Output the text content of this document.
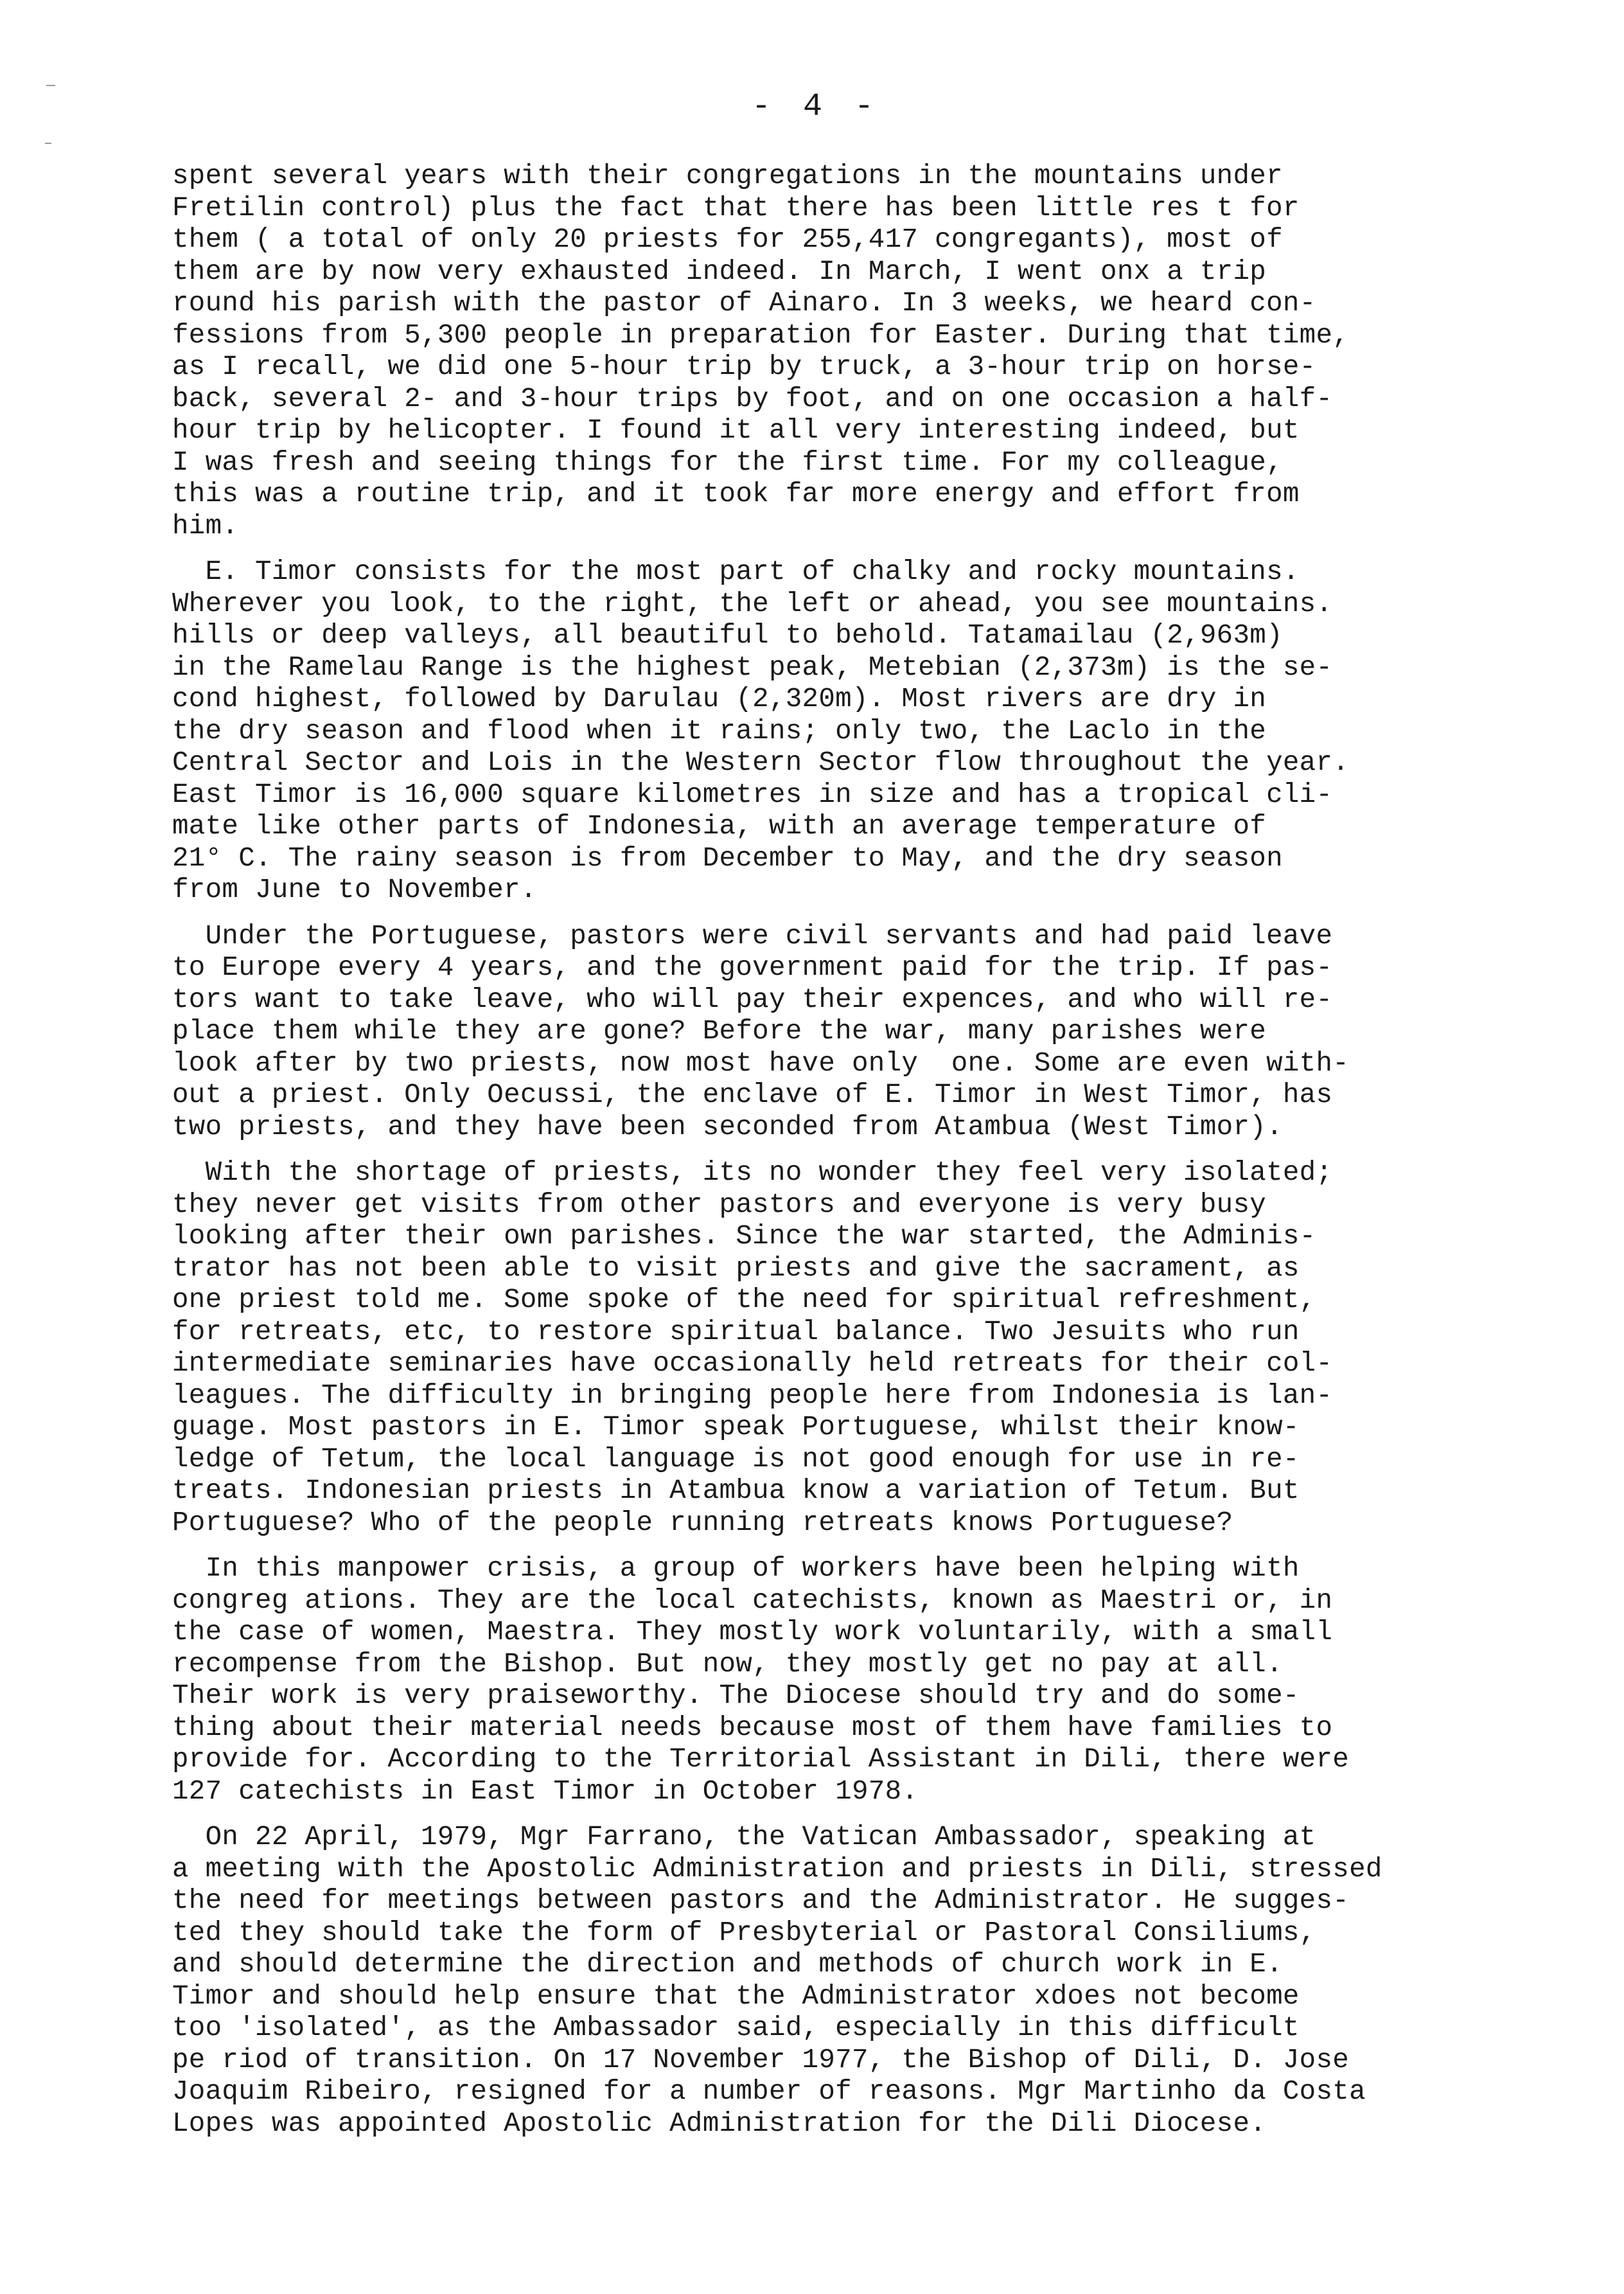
- 4 -
spent several years with their congregations in the mountains under
Fretilin control) plus the fact that there has been little res t for
them ( a total of only 20 priests for 255,417 congregants), most of
them are by now very exhausted indeed. In March, I went onx a trip
round his parish with the pastor of Ainaro. In 3 weeks, we heard con-
fessions from 5,300 people in preparation for Easter. During that time,
as I recall, we did one 5-hour trip by truck, a 3-hour trip on horse-
back, several 2- and 3-hour trips by foot, and on one occasion a half-
hour trip by helicopter. I found it all very interesting indeed, but
I was fresh and seeing things for the first time. For my colleague,
this was a routine trip, and it took far more energy and effort from
him.
E. Timor consists for the most part of chalky and rocky mountains.
Wherever you look, to the right, the left or ahead, you see mountains.
hills or deep valleys, all beautiful to behold. Tatamailau (2,963m)
in the Ramelau Range is the highest peak, Metebian (2,373m) is the se-
cond highest, followed by Darulau (2,320m). Most rivers are dry in
the dry season and flood when it rains; only two, the Laclo in the
Central Sector and Lois in the Western Sector flow throughout the year.
East Timor is 16,000 square kilometres in size and has a tropical cli-
mate like other parts of Indonesia, with an average temperature of
21° C. The rainy season is from December to May, and the dry season
from June to November.
Under the Portuguese, pastors were civil servants and had paid leave
to Europe every 4 years, and the government paid for the trip. If pas-
tors want to take leave, who will pay their expences, and who will re-
place them while they are gone? Before the war, many parishes were
look after by two priests, now most have only  one. Some are even with-
out a priest. Only Oecussi, the enclave of E. Timor in West Timor, has
two priests, and they have been seconded from Atambua (West Timor).
With the shortage of priests, its no wonder they feel very isolated;
they never get visits from other pastors and everyone is very busy
looking after their own parishes. Since the war started, the Adminis-
trator has not been able to visit priests and give the sacrament, as
one priest told me. Some spoke of the need for spiritual refreshment,
for retreats, etc, to restore spiritual balance. Two Jesuits who run
intermediate seminaries have occasionally held retreats for their col-
leagues. The difficulty in bringing people here from Indonesia is lan-
guage. Most pastors in E. Timor speak Portuguese, whilst their know-
ledge of Tetum, the local language is not good enough for use in re-
treats. Indonesian priests in Atambua know a variation of Tetum. But
Portuguese? Who of the people running retreats knows Portuguese?
In this manpower crisis, a group of workers have been helping with
congreg ations. They are the local catechists, known as Maestri or, in
the case of women, Maestra. They mostly work voluntarily, with a small
recompense from the Bishop. But now, they mostly get no pay at all.
Their work is very praiseworthy. The Diocese should try and do some-
thing about their material needs because most of them have families to
provide for. According to the Territorial Assistant in Dili, there were
127 catechists in East Timor in October 1978.
On 22 April, 1979, Mgr Farrano, the Vatican Ambassador, speaking at
a meeting with the Apostolic Administration and priests in Dili, stressed
the need for meetings between pastors and the Administrator. He sugges-
ted they should take the form of Presbyterial or Pastoral Consiliums,
and should determine the direction and methods of church work in E.
Timor and should help ensure that the Administrator xdoes not become
too 'isolated', as the Ambassador said, especially in this difficult
pe riod of transition. On 17 November 1977, the Bishop of Dili, D. Jose
Joaquim Ribeiro, resigned for a number of reasons. Mgr Martinho da Costa
Lopes was appointed Apostolic Administration for the Dili Diocese.
